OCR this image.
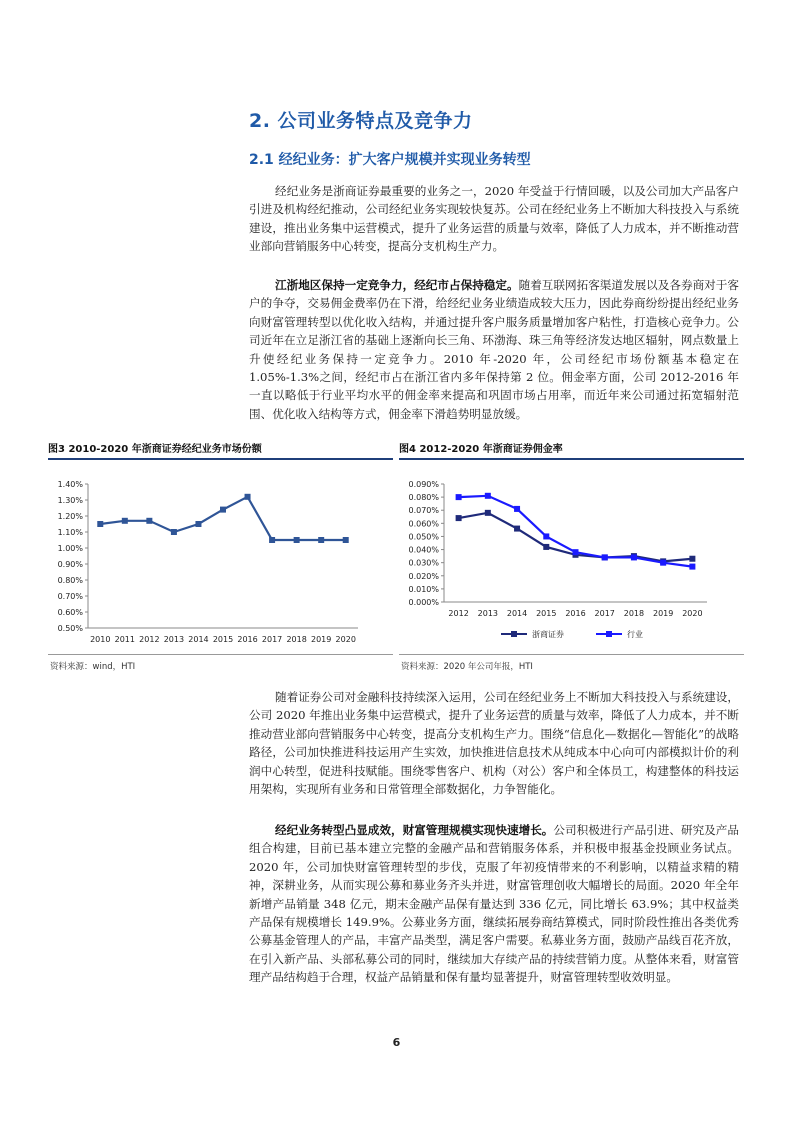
2. 公司业务特点及竞争力
2.1 经纪业务：扩大客户规模并实现业务转型

经纪业务是浙商证券最重要的业务之一，2020 年受益于行情回暖，以及公司加大产品客户引进及机构经纪推动，公司经纪业务实现较快复苏。公司在经纪业务上不断加大科技投入与系统建设，推出业务集中运营模式，提升了业务运营的质量与效率，降低了人力成本，并不断推动营业部向营销服务中心转变，提高分支机构生产力。

江浙地区保持一定竞争力，经纪市占保持稳定。随着互联网拓客渠道发展以及各券商对于客户的争夺，交易佣金费率仍在下滑，给经纪业务业绩造成较大压力，因此券商纷纷提出经纪业务向财富管理转型以优化收入结构，并通过提升客户服务质量增加客户粘性，打造核心竞争力。公司近年在立足浙江省的基础上逐渐向长三角、环渤海、珠三角等经济发达地区辐射，网点数量上升使经纪业务保持一定竞争力。2010 年-2020 年，公司经纪市场份额基本稳定在 1.05%-1.3%之间，经纪市占在浙江省内多年保持第 2 位。佣金率方面，公司 2012-2016 年一直以略低于行业平均水平的佣金率来提高和巩固市场占用率，而近年来公司通过拓宽辐射范围、优化收入结构等方式，佣金率下滑趋势明显放缓。

图3 2010-2020 年浙商证券经纪业务市场份额
0.50%
0.60%
0.70%
0.80%
0.90%
1.00%
1.10%
1.20%
1.30%
1.40%
2010 2011 2012 2013 2014 2015 2016 2017 2018 2019 2020
资料来源：wind，HTI
图4 2012-2020 年浙商证券佣金率
0.000%
0.010%
0.020%
0.030%
0.040%
0.050%
0.060%
0.070%
0.080%
0.090%
2012 2013 2014 2015 2016 2017 2018 2019 2020
浙商证券	行业
资料来源：2020 年公司年报，HTI

随着证券公司对金融科技持续深入运用，公司在经纪业务上不断加大科技投入与系统建设，公司 2020 年推出业务集中运营模式，提升了业务运营的质量与效率，降低了人力成本，并不断推动营业部向营销服务中心转变，提高分支机构生产力。围绕“信息化—数据化—智能化”的战略路径，公司加快推进科技运用产生实效，加快推进信息技术从纯成本中心向可内部模拟计价的利润中心转型，促进科技赋能。围绕零售客户、机构（对公）客户和全体员工，构建整体的科技运用架构，实现所有业务和日常管理全部数据化，力争智能化。

经纪业务转型凸显成效，财富管理规模实现快速增长。公司积极进行产品引进、研究及产品组合构建，目前已基本建立完整的金融产品和营销服务体系，并积极申报基金投顾业务试点。2020 年，公司加快财富管理转型的步伐，克服了年初疫情带来的不利影响，以精益求精的精神，深耕业务，从而实现公募和募业务齐头并进，财富管理创收大幅增长的局面。2020 年全年新增产品销量 348 亿元，期末金融产品保有量达到 336 亿元，同比增长 63.9%；其中权益类产品保有规模增长 149.9%。公募业务方面，继续拓展券商结算模式，同时阶段性推出各类优秀公募基金管理人的产品，丰富产品类型，满足客户需要。私募业务方面，鼓励产品线百花齐放，在引入新产品、头部私募公司的同时，继续加大存续产品的持续营销力度。从整体来看，财富管理产品结构趋于合理，权益产品销量和保有量均显著提升，财富管理转型收效明显。

6
